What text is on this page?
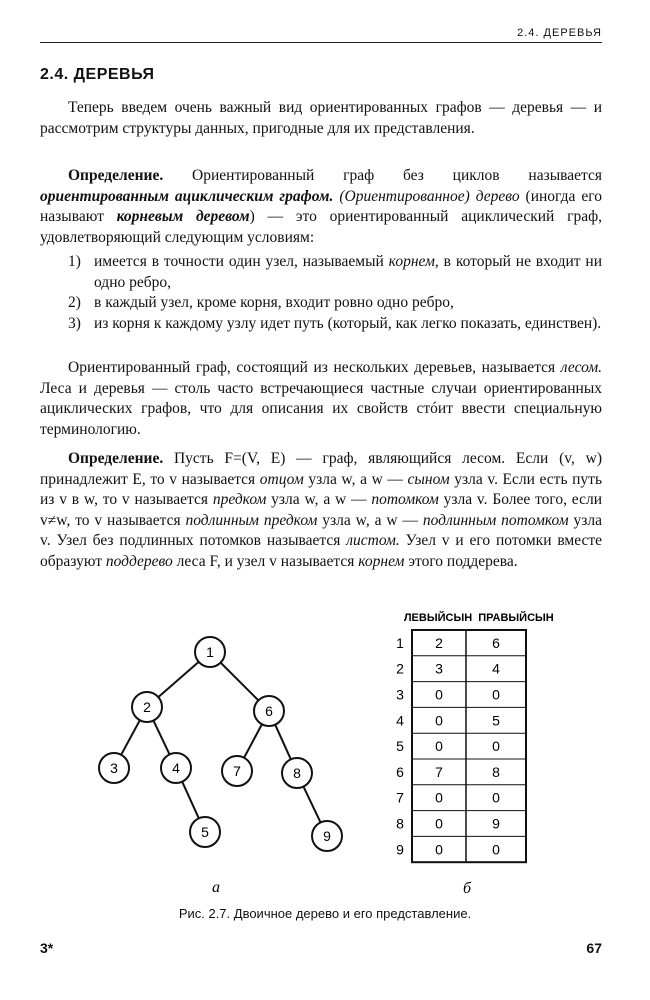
2.4. ДЕРЕВЬЯ
2.4. ДЕРЕВЬЯ
Теперь введем очень важный вид ориентированных графов — деревья — и рассмотрим структуры данных, пригодные для их представления.
Определение. Ориентированный граф без циклов называется ориентированным ациклическим графом. (Ориентированное) дерево (иногда его называют корневым деревом) — это ориентированный ациклический граф, удовлетворяющий следующим условиям:
1) имеется в точности один узел, называемый корнем, в который не входит ни одно ребро,
2) в каждый узел, кроме корня, входит ровно одно ребро,
3) из корня к каждому узлу идет путь (который, как легко показать, единствен).
Ориентированный граф, состоящий из нескольких деревьев, называется лесом. Леса и деревья — столь часто встречающиеся частные случаи ориентированных ациклических графов, что для описания их свойств стóит ввести специальную терминологию.
Определение. Пусть F=(V, E) — граф, являющийся лесом. Если (v, w) принадлежит E, то v называется отцом узла w, а w — сыном узла v. Если есть путь из v в w, то v называется предком узла w, а w — потомком узла v. Более того, если v≠w, то v называется подлинным предком узла w, а w — подлинным потомком узла v. Узел без подлинных потомков называется листом. Узел v и его потомки вместе образуют поддерево леса F, и узел v называется корнем этого поддерева.
1
2
3	4
5
6
7	8
9
ЛЕВЫЙСЫН ПРАВЫЙСЫН
1 2	6
2 3	4
3 0	0
4 0	5
5 0	0
6 7	8
7 0	0
8 0	9
9 0	0
а	б
Рис. 2.7. Двоичное дерево и его представление.
3*	67
